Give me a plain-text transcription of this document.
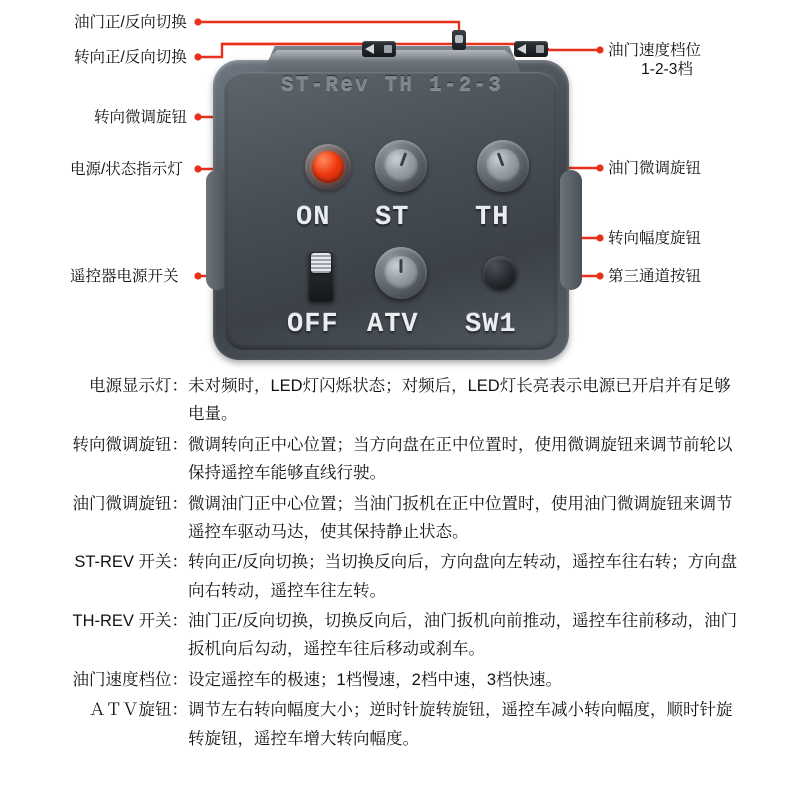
ST-Rev TH 1-2-3
ON ST TH
OFF ATV SW1
油门正/反向切换
转向正/反向切换
转向微调旋钮
电源/状态指示灯
遥控器电源开关
油门速度档位
1-2-3档
油门微调旋钮
转向幅度旋钮
第三通道按钮
电源显示灯： 未对频时，LED灯闪烁状态；对频后，LED灯长亮表示电源已开启并有足够电量。
转向微调旋钮： 微调转向正中心位置；当方向盘在正中位置时，使用微调旋钮来调节前轮以保持遥控车能够直线行驶。
油门微调旋钮： 微调油门正中心位置；当油门扳机在正中位置时，使用油门微调旋钮来调节遥控车驱动马达，使其保持静止状态。
ST-REV 开关： 转向正/反向切换；当切换反向后，方向盘向左转动，遥控车往右转；方向盘向右转动，遥控车往左转。
TH-REV 开关： 油门正/反向切换，切换反向后，油门扳机向前推动，遥控车往前移动，油门扳机向后勾动，遥控车往后移动或刹车。
油门速度档位： 设定遥控车的极速；1档慢速，2档中速，3档快速。
ＡＴＶ旋钮： 调节左右转向幅度大小；逆时针旋转旋钮，遥控车减小转向幅度，顺时针旋转旋钮，遥控车增大转向幅度。
